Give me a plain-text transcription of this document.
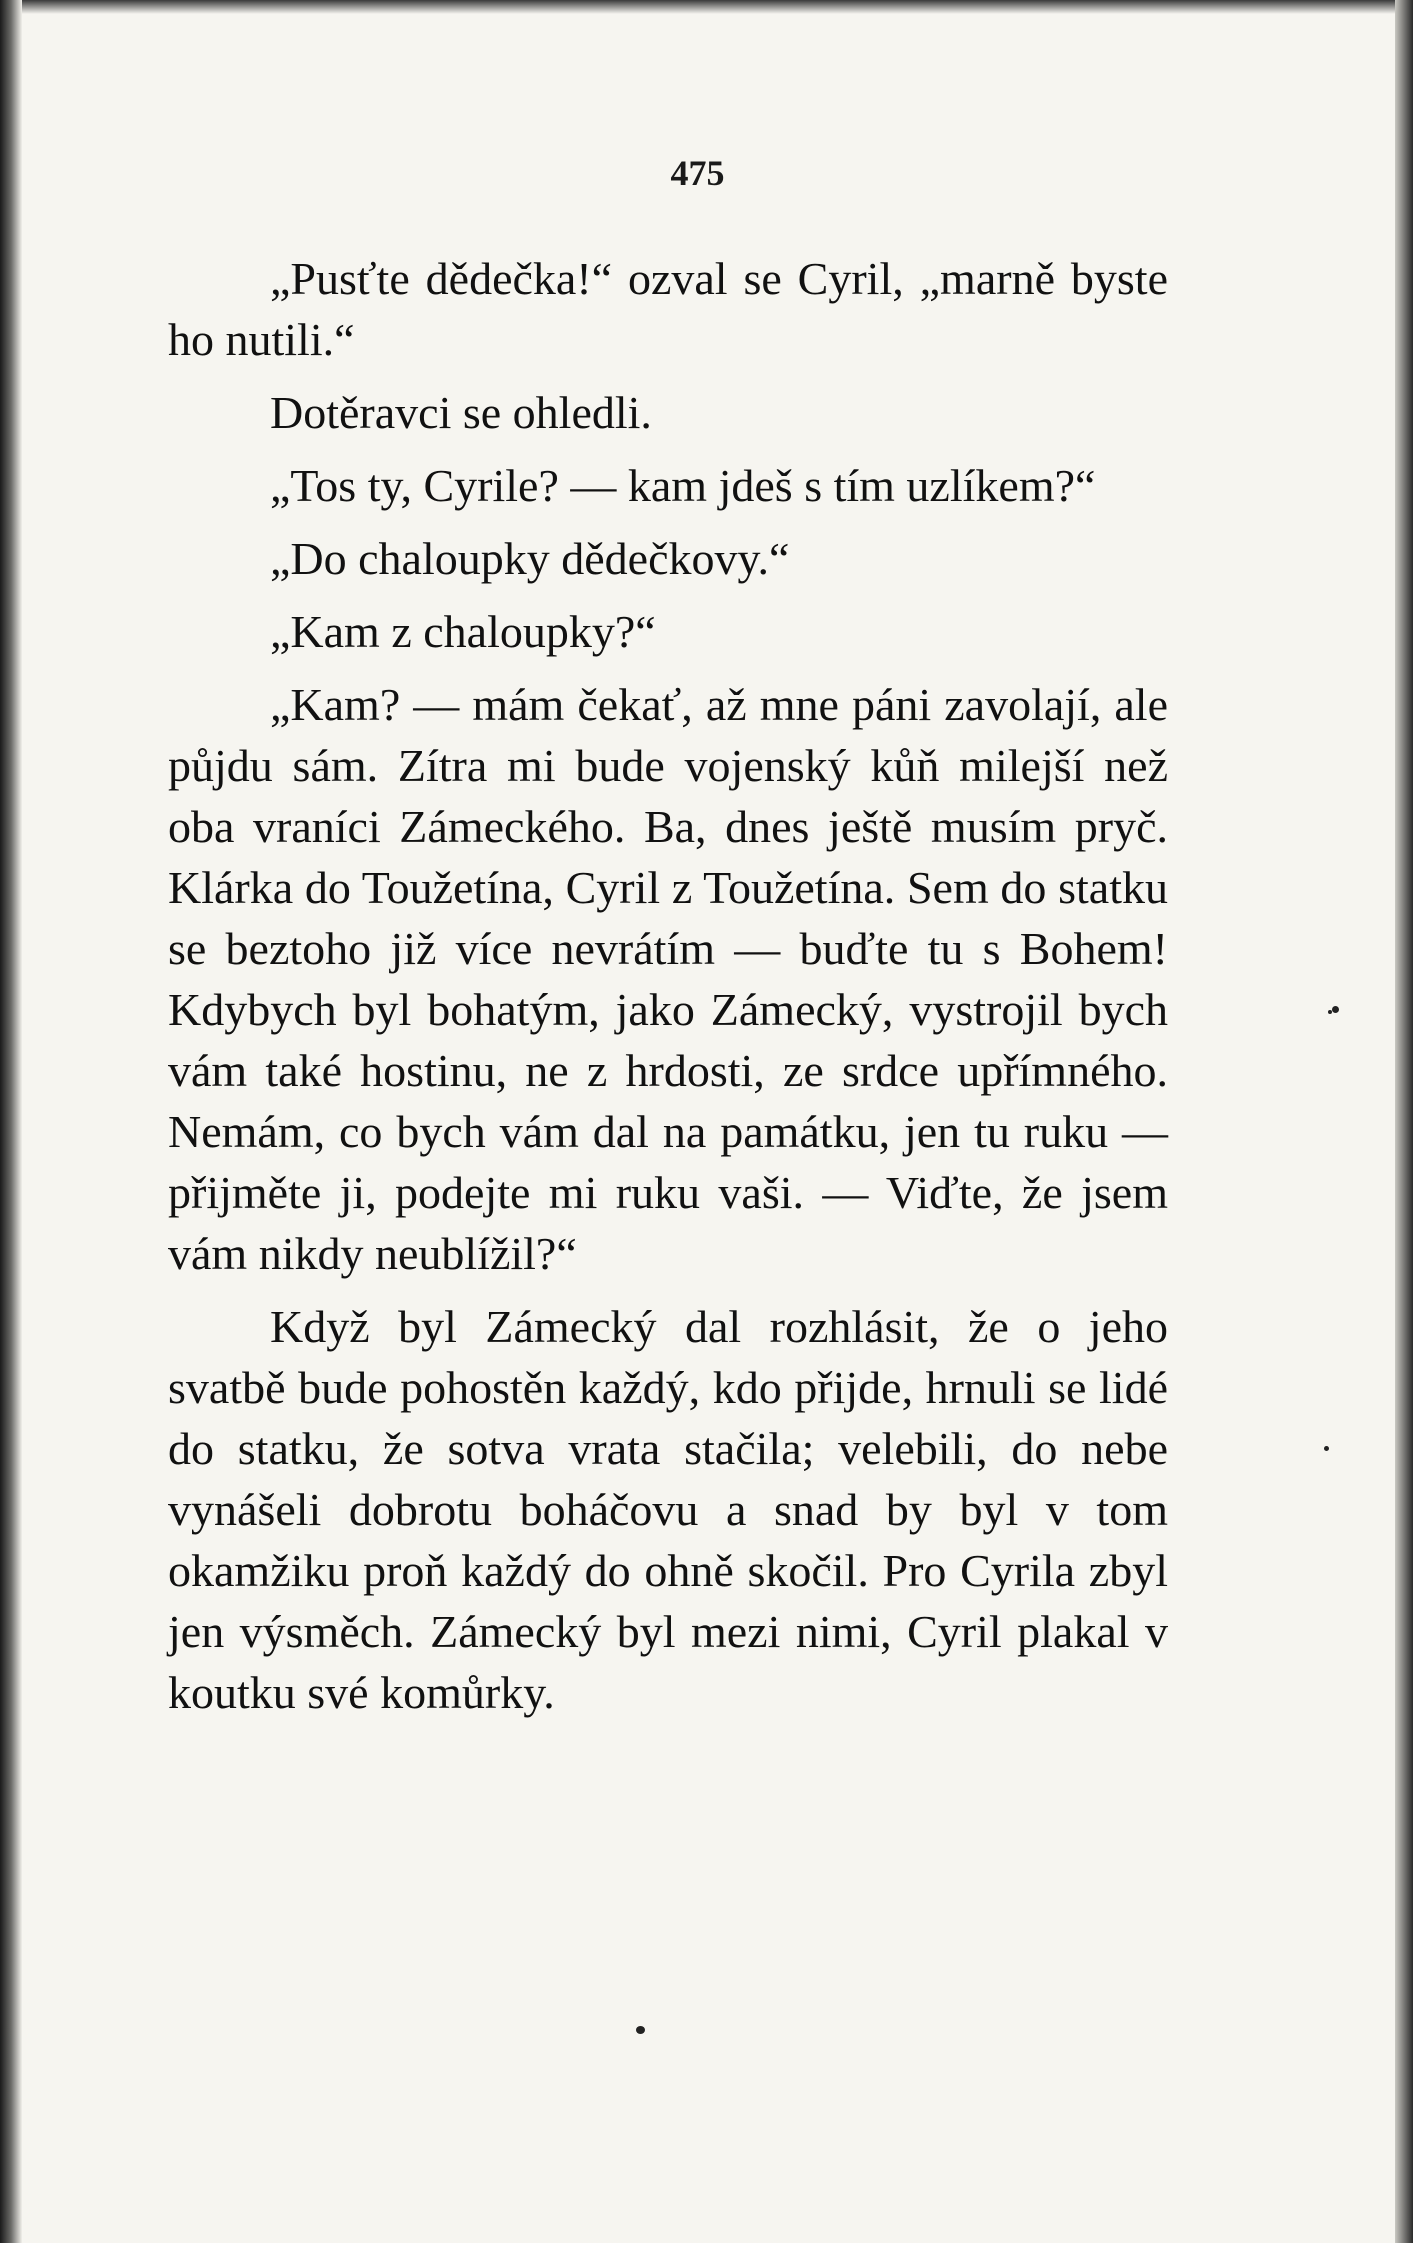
475

„Pusťte dědečka!“ ozval se Cyril, „marně byste ho nutili.“

Dotěravci se ohledli.

„Tos ty, Cyrile? — kam jdeš s tím uzlíkem?“

„Do chaloupky dědečkovy.“

„Kam z chaloupky?“

„Kam? — mám čekať, až mne páni zavolají, ale půjdu sám. Zítra mi bude vojenský kůň milejší než oba vraníci Zámeckého. Ba, dnes ještě musím pryč. Klárka do Toužetína, Cyril z Toužetína. Sem do statku se beztoho již více nevrátím — buďte tu s Bohem! Kdybych byl bohatým, jako Zámecký, vystrojil bych vám také hostinu, ne z hrdosti, ze srdce upřímného. Nemám, co bych vám dal na památku, jen tu ruku — přijměte ji, podejte mi ruku vaši. — Viďte, že jsem vám nikdy neublížil?“

Když byl Zámecký dal rozhlásit, že o jeho svatbě bude pohostěn každý, kdo přijde, hrnuli se lidé do statku, že sotva vrata stačila; velebili, do nebe vynášeli dobrotu boháčovu a snad by byl v tom okamžiku proň každý do ohně skočil. Pro Cyrila zbyl jen výsměch. Zámecký byl mezi nimi, Cyril plakal v koutku své komůrky.
